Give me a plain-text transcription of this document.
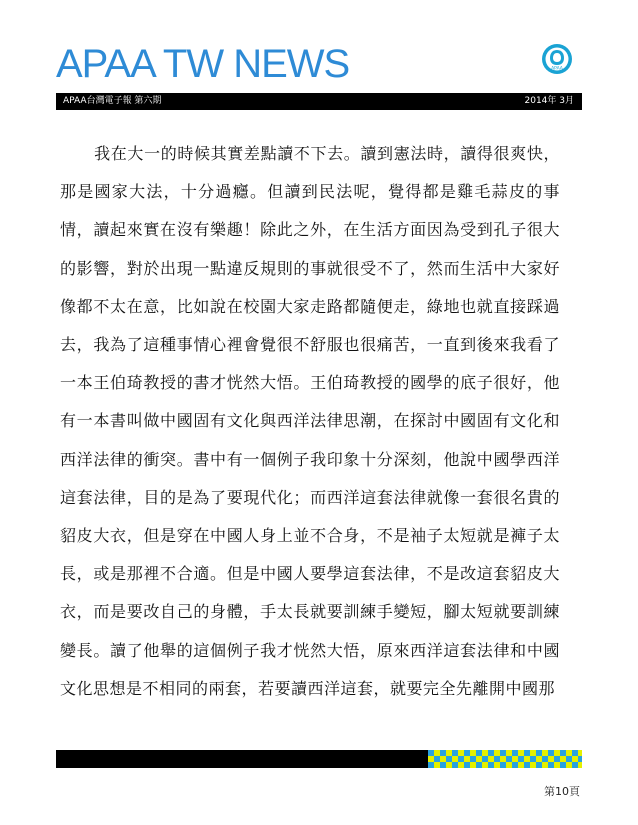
APAA TW NEWS	APAA
APAA台灣電子報 第六期	2014年 3月
我在大一的時候其實差點讀不下去。讀到憲法時，讀得很爽快，那是國家大法，十分過癮。但讀到民法呢，覺得都是雞毛蒜皮的事情，讀起來實在沒有樂趣！除此之外，在生活方面因為受到孔子很大的影響，對於出現一點違反規則的事就很受不了，然而生活中大家好像都不太在意，比如說在校園大家走路都隨便走，綠地也就直接踩過去，我為了這種事情心裡會覺很不舒服也很痛苦，一直到後來我看了一本王伯琦教授的書才恍然大悟。王伯琦教授的國學的底子很好，他有一本書叫做中國固有文化與西洋法律思潮，在探討中國固有文化和西洋法律的衝突。書中有一個例子我印象十分深刻，他說中國學西洋這套法律，目的是為了要現代化；而西洋這套法律就像一套很名貴的貂皮大衣，但是穿在中國人身上並不合身，不是袖子太短就是褲子太長，或是那裡不合適。但是中國人要學這套法律，不是改這套貂皮大衣，而是要改自己的身體，手太長就要訓練手變短，腳太短就要訓練變長。讀了他舉的這個例子我才恍然大悟，原來西洋這套法律和中國文化思想是不相同的兩套，若要讀西洋這套，就要完全先離開中國那
第10頁
